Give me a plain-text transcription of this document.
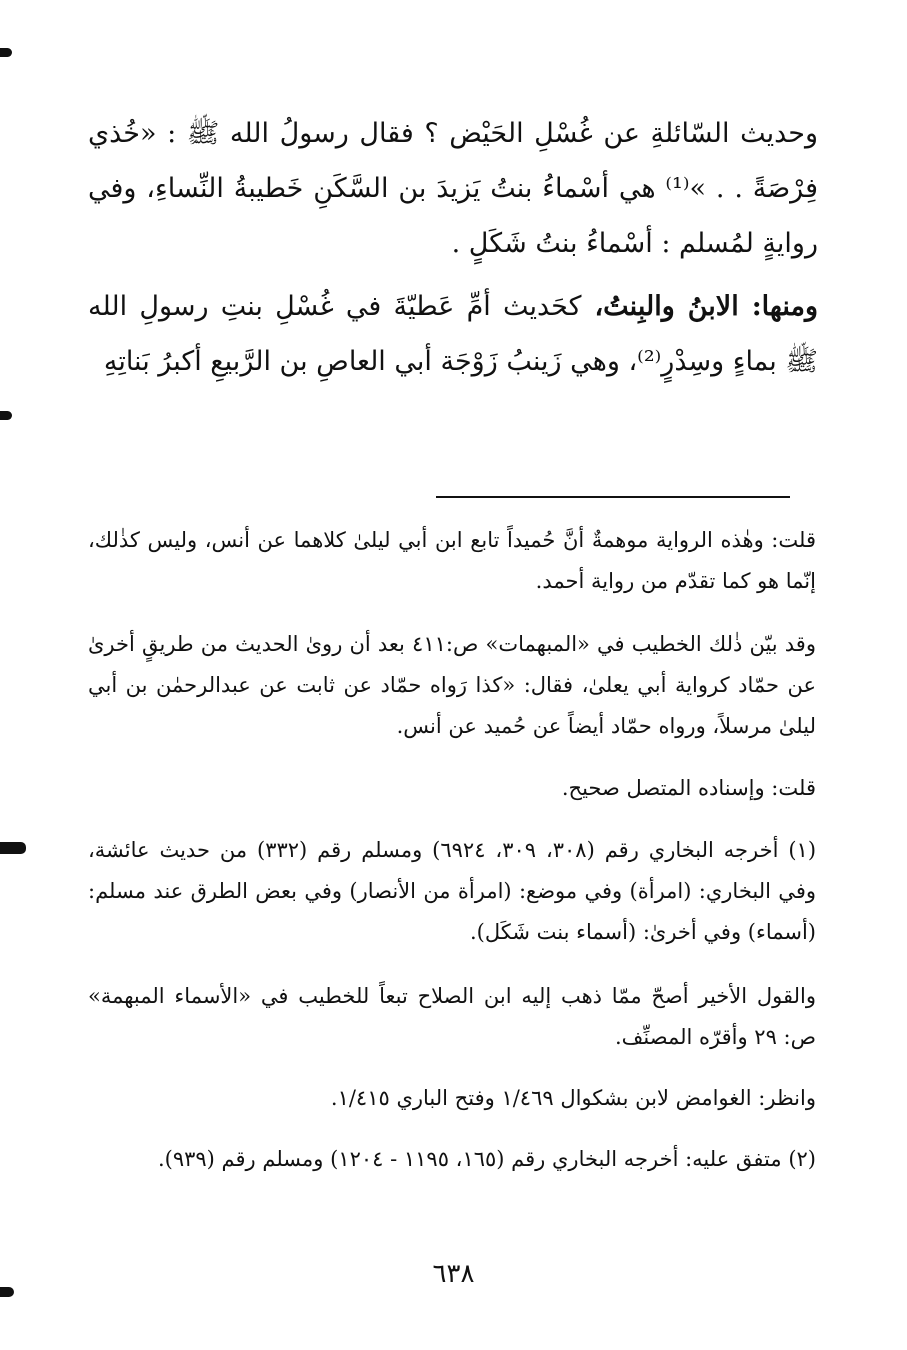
وحديث السّائلةِ عن غُسْلِ الحَيْض ؟ فقال رسولُ الله ﷺ : «خُذي فِرْصَةً . . »⁽¹⁾ هي أسْماءُ بنتُ يَزيدَ بن السَّكَنِ خَطيبةُ النِّساءِ، وفي روايةٍ لمُسلم : أسْماءُ بنتُ شَكَلٍ .
ومنها: الابنُ والبِنتُ، كحَديث أمِّ عَطيّةَ في غُسْلِ بنتِ رسولِ الله ﷺ بماءٍ وسِدْرٍ⁽²⁾، وهي زَينبُ زَوْجَة أبي العاصِ بن الرَّبيعِ أكبرُ بَناتِهِ
قلت: وهٰذه الرواية موهمةٌ أنَّ حُميداً تابع ابن أبي ليلىٰ كلاهما عن أنس، وليس كذٰلك، إنّما هو كما تقدّم من رواية أحمد.
وقد بيّن ذٰلك الخطيب في «المبهمات» ص:٤١١ بعد أن روىٰ الحديث من طريقٍ أخرىٰ عن حمّاد كرواية أبي يعلىٰ، فقال: «كذا رَواه حمّاد عن ثابت عن عبدالرحمٰن بن أبي ليلىٰ مرسلاً، ورواه حمّاد أيضاً عن حُميد عن أنس.
قلت: وإسناده المتصل صحيح.
(١) أخرجه البخاري رقم (٣٠٨، ٣٠٩، ٦٩٢٤) ومسلم رقم (٣٣٢) من حديث عائشة، وفي البخاري: (امرأة) وفي موضع: (امرأة من الأنصار) وفي بعض الطرق عند مسلم: (أسماء) وفي أخرىٰ: (أسماء بنت شَكَل).
والقول الأخير أصحّ ممّا ذهب إليه ابن الصلاح تبعاً للخطيب في «الأسماء المبهمة» ص: ٢٩ وأقرّه المصنِّف.
وانظر: الغوامض لابن بشكوال ١/٤٦٩ وفتح الباري ١/٤١٥.
(٢) متفق عليه: أخرجه البخاري رقم (١٦٥، ١١٩٥ - ١٢٠٤) ومسلم رقم (٩٣٩).
٦٣٨
